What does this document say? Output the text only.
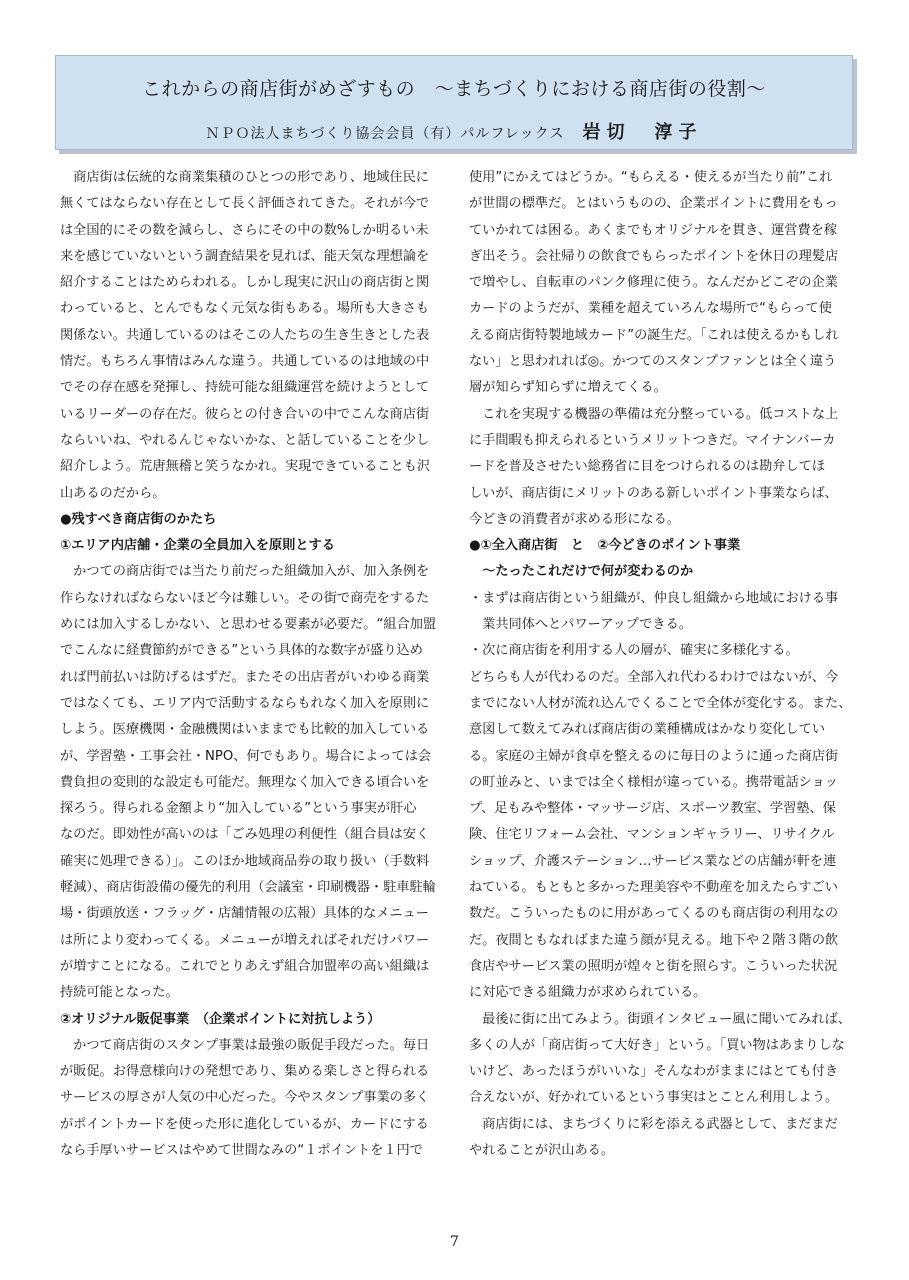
これからの商店街がめざすもの　～まちづくりにおける商店街の役割～
ＮＰＯ法人まちづくり協会会員（有）パルフレックス 岩切　淳子

　商店街は伝統的な商業集積のひとつの形であり、地域住民に

無くてはならない存在として長く評価されてきた。それが今で

は全国的にその数を減らし、さらにその中の数%しか明るい未

来を感じていないという調査結果を見れば、能天気な理想論を

紹介することはためらわれる。しかし現実に沢山の商店街と関

わっていると、とんでもなく元気な街もある。場所も大きさも

関係ない。共通しているのはそこの人たちの生き生きとした表

情だ。もちろん事情はみんな違う。共通しているのは地域の中

でその存在感を発揮し、持続可能な組織運営を続けようとして

いるリーダーの存在だ。彼らとの付き合いの中でこんな商店街

ならいいね、やれるんじゃないかな、と話していることを少し

紹介しよう。荒唐無稽と笑うなかれ。実現できていることも沢

山あるのだから。

●残すべき商店街のかたち

①エリア内店舗・企業の全員加入を原則とする

　かつての商店街では当たり前だった組織加入が、加入条例を

作らなければならないほど今は難しい。その街で商売をするた

めには加入するしかない、と思わせる要素が必要だ。“組合加盟

でこんなに経費節約ができる”という具体的な数字が盛り込め

れば門前払いは防げるはずだ。またその出店者がいわゆる商業

ではなくても、エリア内で活動するならもれなく加入を原則に

しよう。医療機関・金融機関はいままでも比較的加入している

が、学習塾・工事会社・NPO、何でもあり。場合によっては会

費負担の変則的な設定も可能だ。無理なく加入できる頃合いを

探ろう。得られる金額より“加入している”という事実が肝心

なのだ。即効性が高いのは「ごみ処理の利便性（組合員は安く

確実に処理できる）」。このほか地域商品券の取り扱い（手数料

軽減）、商店街設備の優先的利用（会議室・印刷機器・駐車駐輪

場・街頭放送・フラッグ・店舗情報の広報）具体的なメニュー

は所により変わってくる。メニューが増えればそれだけパワー

が増すことになる。これでとりあえず組合加盟率の高い組織は

持続可能となった。

②オリジナル販促事業　（企業ポイントに対抗しよう）

　かつて商店街のスタンプ事業は最強の販促手段だった。毎日

が販促。お得意様向けの発想であり、集める楽しさと得られる

サービスの厚さが人気の中心だった。今やスタンプ事業の多く

がポイントカードを使った形に進化しているが、カードにする

なら手厚いサービスはやめて世間なみの“１ポイントを１円で

使用”にかえてはどうか。“もらえる・使えるが当たり前”これ

が世間の標準だ。とはいうものの、企業ポイントに費用をもっ

ていかれては困る。あくまでもオリジナルを貫き、運営費を稼

ぎ出そう。会社帰りの飲食でもらったポイントを休日の理髪店

で増やし、自転車のパンク修理に使う。なんだかどこぞの企業

カードのようだが、業種を超えていろんな場所で“もらって使

える商店街特製地域カード”の誕生だ。「これは使えるかもしれ

ない」と思われれば◎。かつてのスタンプファンとは全く違う

層が知らず知らずに増えてくる。

　これを実現する機器の準備は充分整っている。低コストな上

に手間暇も抑えられるというメリットつきだ。マイナンバーカ

ードを普及させたい総務省に目をつけられるのは勘弁してほ

しいが、商店街にメリットのある新しいポイント事業ならば、

今どきの消費者が求める形になる。

●①全入商店街　と　②今どきのポイント事業

　～たったこれだけで何が変わるのか

・まずは商店街という組織が、仲良し組織から地域における事

　業共同体へとパワーアップできる。

・次に商店街を利用する人の層が、確実に多様化する。

どちらも人が代わるのだ。全部入れ代わるわけではないが、今

までにない人材が流れ込んでくることで全体が変化する。また、

意図して数えてみれば商店街の業種構成はかなり変化してい

る。家庭の主婦が食卓を整えるのに毎日のように通った商店街

の町並みと、いまでは全く様相が違っている。携帯電話ショッ

プ、足もみや整体・マッサージ店、スポーツ教室、学習塾、保

険、住宅リフォーム会社、マンションギャラリー、リサイクル

ショップ、介護ステーション…サービス業などの店舗が軒を連

ねている。もともと多かった理美容や不動産を加えたらすごい

数だ。こういったものに用があってくるのも商店街の利用なの

だ。夜間ともなればまた違う顔が見える。地下や２階３階の飲

食店やサービス業の照明が煌々と街を照らす。こういった状況

に対応できる組織力が求められている。

　最後に街に出てみよう。街頭インタビュー風に聞いてみれば、

多くの人が「商店街って大好き」という。「買い物はあまりしな

いけど、あったほうがいいな」そんなわがままにはとても付き

合えないが、好かれているという事実はとことん利用しよう。

　商店街には、まちづくりに彩を添える武器として、まだまだ

やれることが沢山ある。

7
